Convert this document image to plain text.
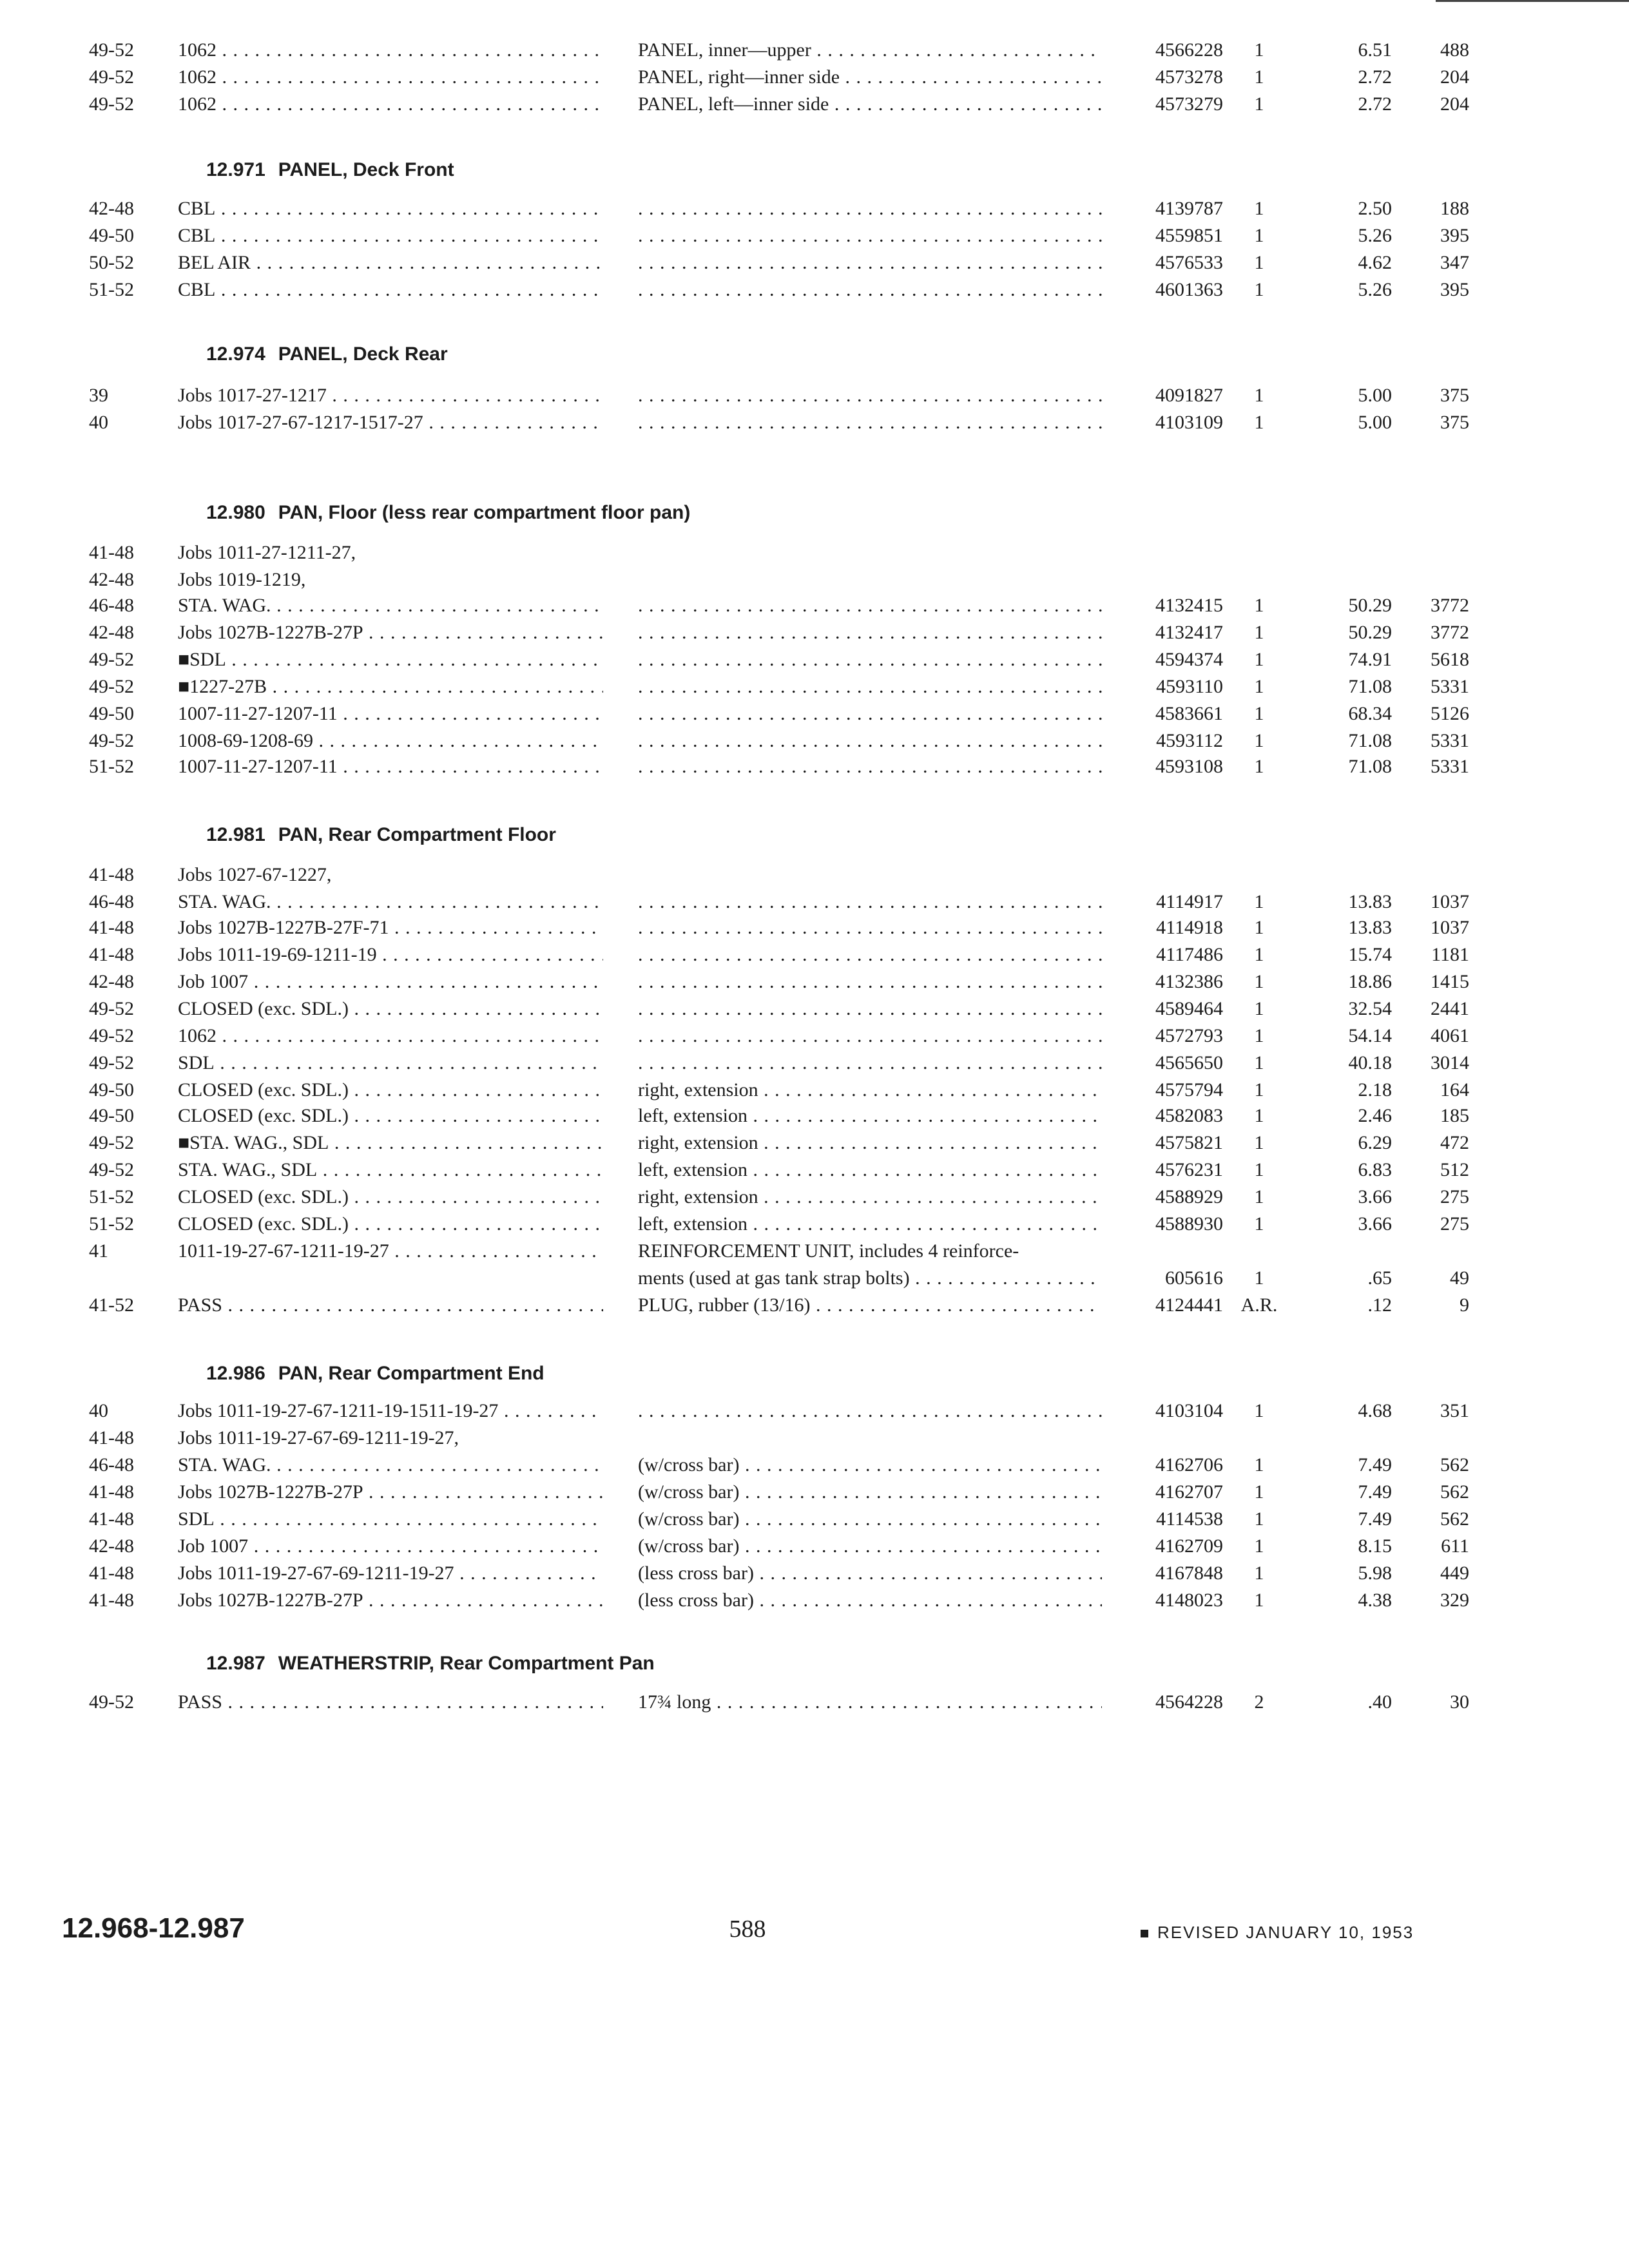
49-52	1062 . . .	PANEL, inner—upper . . .	4566228	1	6.51	488
49-52	1062 . . .	PANEL, right—inner side . . .	4573278	1	2.72	204
49-52	1062 . . .	PANEL, left—inner side . . .	4573279	1	2.72	204
12.971 PANEL, Deck Front
42-48	CBL . . . . . .	4139787	1	2.50	188
49-50	CBL . . . . . .	4559851	1	5.26	395
50-52	BEL AIR . . . . . .	4576533	1	4.62	347
51-52	CBL . . . . . .	4601363	1	5.26	395
12.974 PANEL, Deck Rear
39	Jobs 1017-27-1217 . . . . . .	4091827	1	5.00	375
40	Jobs 1017-27-67-1217-1517-27 . . . . . .	4103109	1	5.00	375
12.980 PAN, Floor (less rear compartment floor pan)
41-48	Jobs 1011-27-1211-27,
42-48	Jobs 1019-1219,
46-48	STA. WAG. . . . . . .	4132415	1	50.29	3772
42-48	Jobs 1027B-1227B-27P . . . . . .	4132417	1	50.29	3772
49-52	■SDL . . . . . .	4594374	1	74.91	5618
49-52	■1227-27B . . . . . .	4593110	1	71.08	5331
49-50	1007-11-27-1207-11 . . . . . .	4583661	1	68.34	5126
49-52	1008-69-1208-69 . . . . . .	4593112	1	71.08	5331
51-52	1007-11-27-1207-11 . . . . . .	4593108	1	71.08	5331
12.981 PAN, Rear Compartment Floor
41-48	Jobs 1027-67-1227,
46-48	STA. WAG. . . . . . .	4114917	1	13.83	1037
41-48	Jobs 1027B-1227B-27F-71 . . . . . .	4114918	1	13.83	1037
41-48	Jobs 1011-19-69-1211-19 . . . . . .	4117486	1	15.74	1181
42-48	Job 1007 . . . . . .	4132386	1	18.86	1415
49-52	CLOSED (exc. SDL.) . . . . . .	4589464	1	32.54	2441
49-52	1062 . . . . . .	4572793	1	54.14	4061
49-52	SDL . . . . . .	4565650	1	40.18	3014
49-50	CLOSED (exc. SDL.) . . .	right, extension . . .	4575794	1	2.18	164
49-50	CLOSED (exc. SDL.) . . .	left, extension . . .	4582083	1	2.46	185
49-52	■STA. WAG., SDL . . .	right, extension . . .	4575821	1	6.29	472
49-52	STA. WAG., SDL . . .	left, extension . . .	4576231	1	6.83	512
51-52	CLOSED (exc. SDL.) . . .	right, extension . . .	4588929	1	3.66	275
51-52	CLOSED (exc. SDL.) . . .	left, extension . . .	4588930	1	3.66	275
41	1011-19-27-67-1211-19-27 . . .	REINFORCEMENT UNIT, includes 4 reinforce-
ments (used at gas tank strap bolts) . . .	605616	1	.65	49
41-52	PASS . . .	PLUG, rubber (13/16) . . .	4124441 A.R.	.12	9
12.986 PAN, Rear Compartment End
40	Jobs 1011-19-27-67-1211-19-1511-19-27 . . . . . .	4103104	1	4.68	351
41-48	Jobs 1011-19-27-67-69-1211-19-27,
46-48	STA. WAG. . . .	(w/cross bar) . . .	4162706	1	7.49	562
41-48	Jobs 1027B-1227B-27P . . .	(w/cross bar) . . .	4162707	1	7.49	562
41-48	SDL . . .	(w/cross bar) . . .	4114538	1	7.49	562
42-48	Job 1007 . . .	(w/cross bar) . . .	4162709	1	8.15	611
41-48	Jobs 1011-19-27-67-69-1211-19-27 . . .	(less cross bar) . . .	4167848	1	5.98	449
41-48	Jobs 1027B-1227B-27P . . .	(less cross bar) . . .	4148023	1	4.38	329
12.987 WEATHERSTRIP, Rear Compartment Pan
49-52	PASS . . .	17¾ long . . .	4564228	2	.40	30
12.968-12.987	588	REVISED JANUARY 10, 1953
